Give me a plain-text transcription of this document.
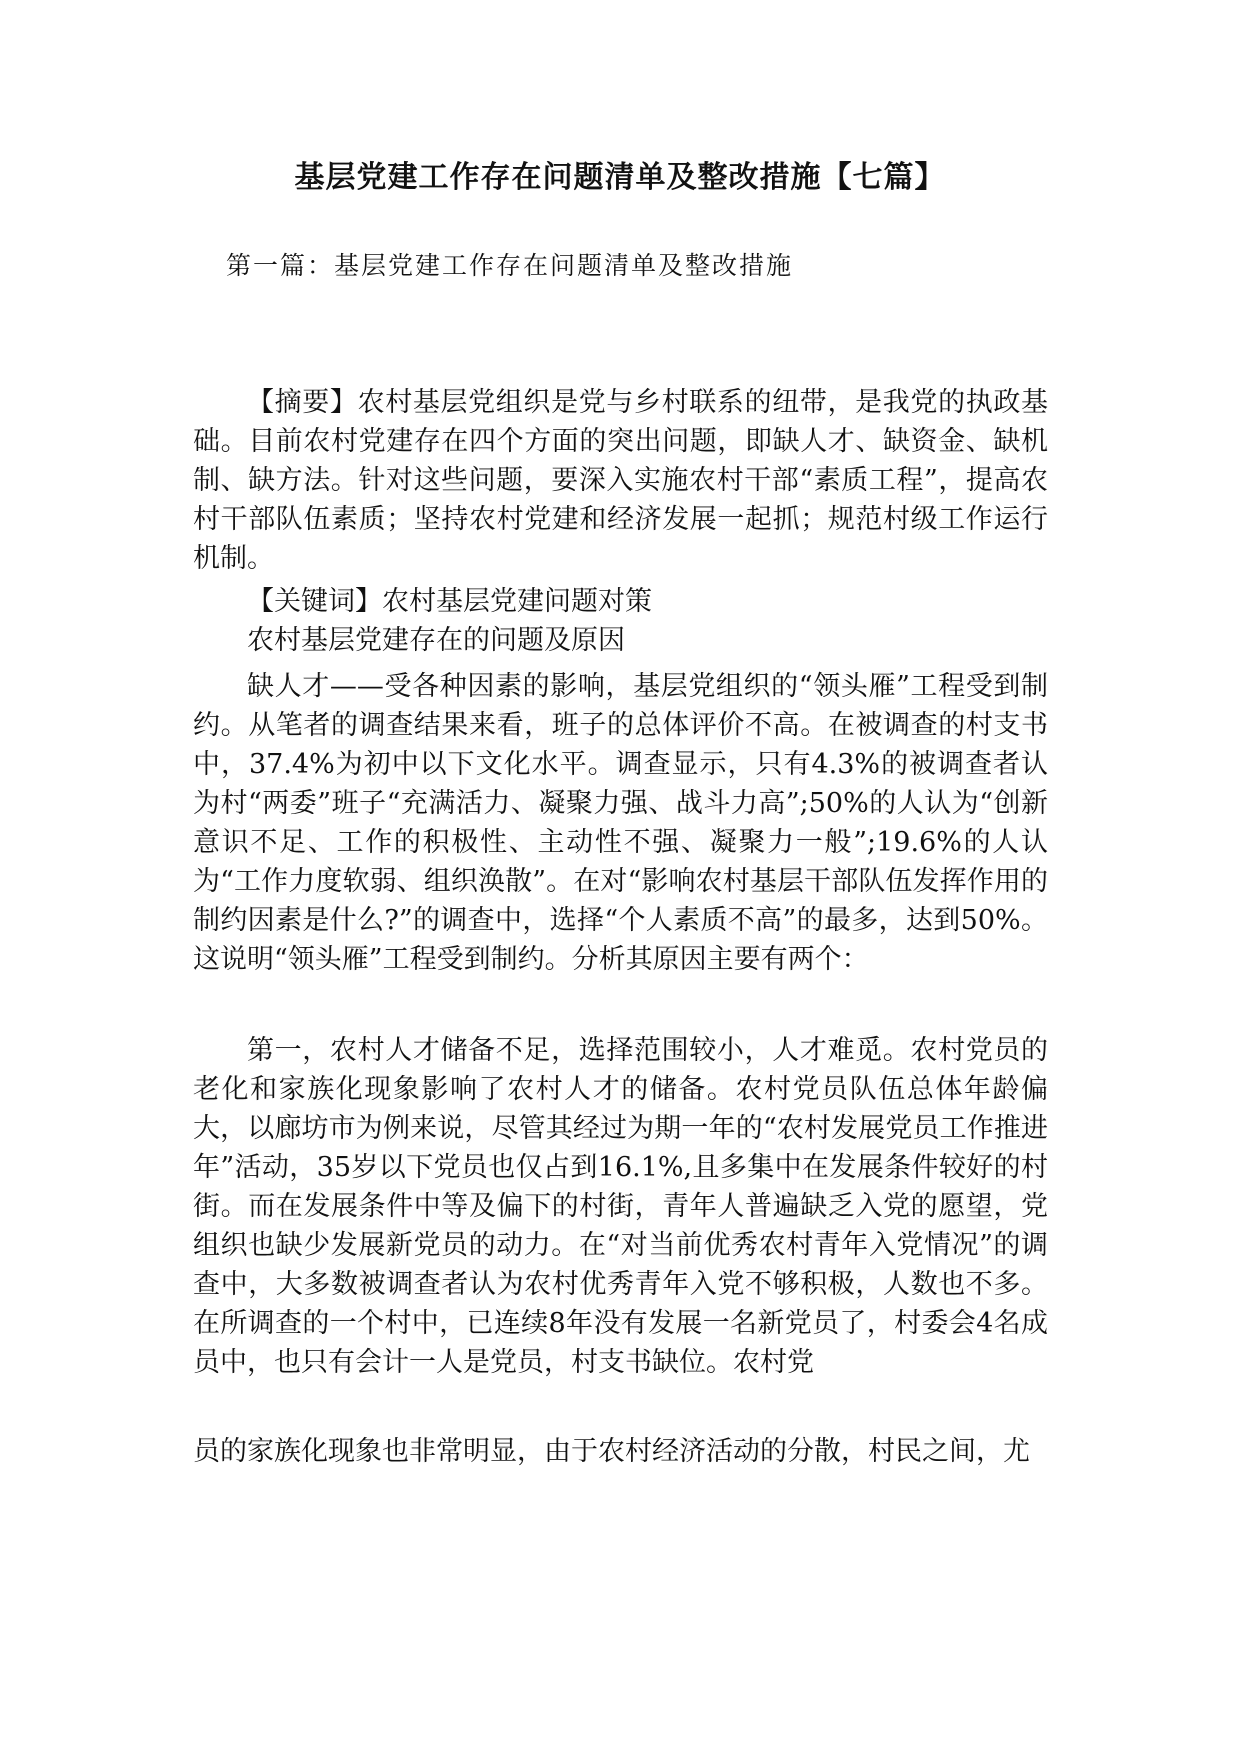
基层党建工作存在问题清单及整改措施【七篇】
第一篇：基层党建工作存在问题清单及整改措施

【摘要】农村基层党组织是党与乡村联系的纽带，是我党的执政基础。目前农村党建存在四个方面的突出问题，即缺人才、缺资金、缺机制、缺方法。针对这些问题，要深入实施农村干部“素质工程”，提高农村干部队伍素质；坚持农村党建和经济发展一起抓；规范村级工作运行机制。

【关键词】农村基层党建问题对策

农村基层党建存在的问题及原因

缺人才——受各种因素的影响，基层党组织的“领头雁”工程受到制约。从笔者的调查结果来看，班子的总体评价不高。在被调查的村支书中，37.4%为初中以下文化水平。调查显示，只有4.3%的被调查者认为村“两委”班子“充满活力、凝聚力强、战斗力高”;50%的人认为“创新意识不足、工作的积极性、主动性不强、凝聚力一般”;19.6%的人认为“工作力度软弱、组织涣散”。在对“影响农村基层干部队伍发挥作用的制约因素是什么?”的调查中，选择“个人素质不高”的最多，达到50%。这说明“领头雁”工程受到制约。分析其原因主要有两个：

第一，农村人才储备不足，选择范围较小，人才难觅。农村党员的老化和家族化现象影响了农村人才的储备。农村党员队伍总体年龄偏大，以廊坊市为例来说，尽管其经过为期一年的“农村发展党员工作推进年”活动，35岁以下党员也仅占到16.1%,且多集中在发展条件较好的村街。而在发展条件中等及偏下的村街，青年人普遍缺乏入党的愿望，党组织也缺少发展新党员的动力。在“对当前优秀农村青年入党情况”的调查中，大多数被调查者认为农村优秀青年入党不够积极，人数也不多。在所调查的一个村中，已连续8年没有发展一名新党员了，村委会4名成员中，也只有会计一人是党员，村支书缺位。农村党

员的家族化现象也非常明显，由于农村经济活动的分散，村民之间，尤
